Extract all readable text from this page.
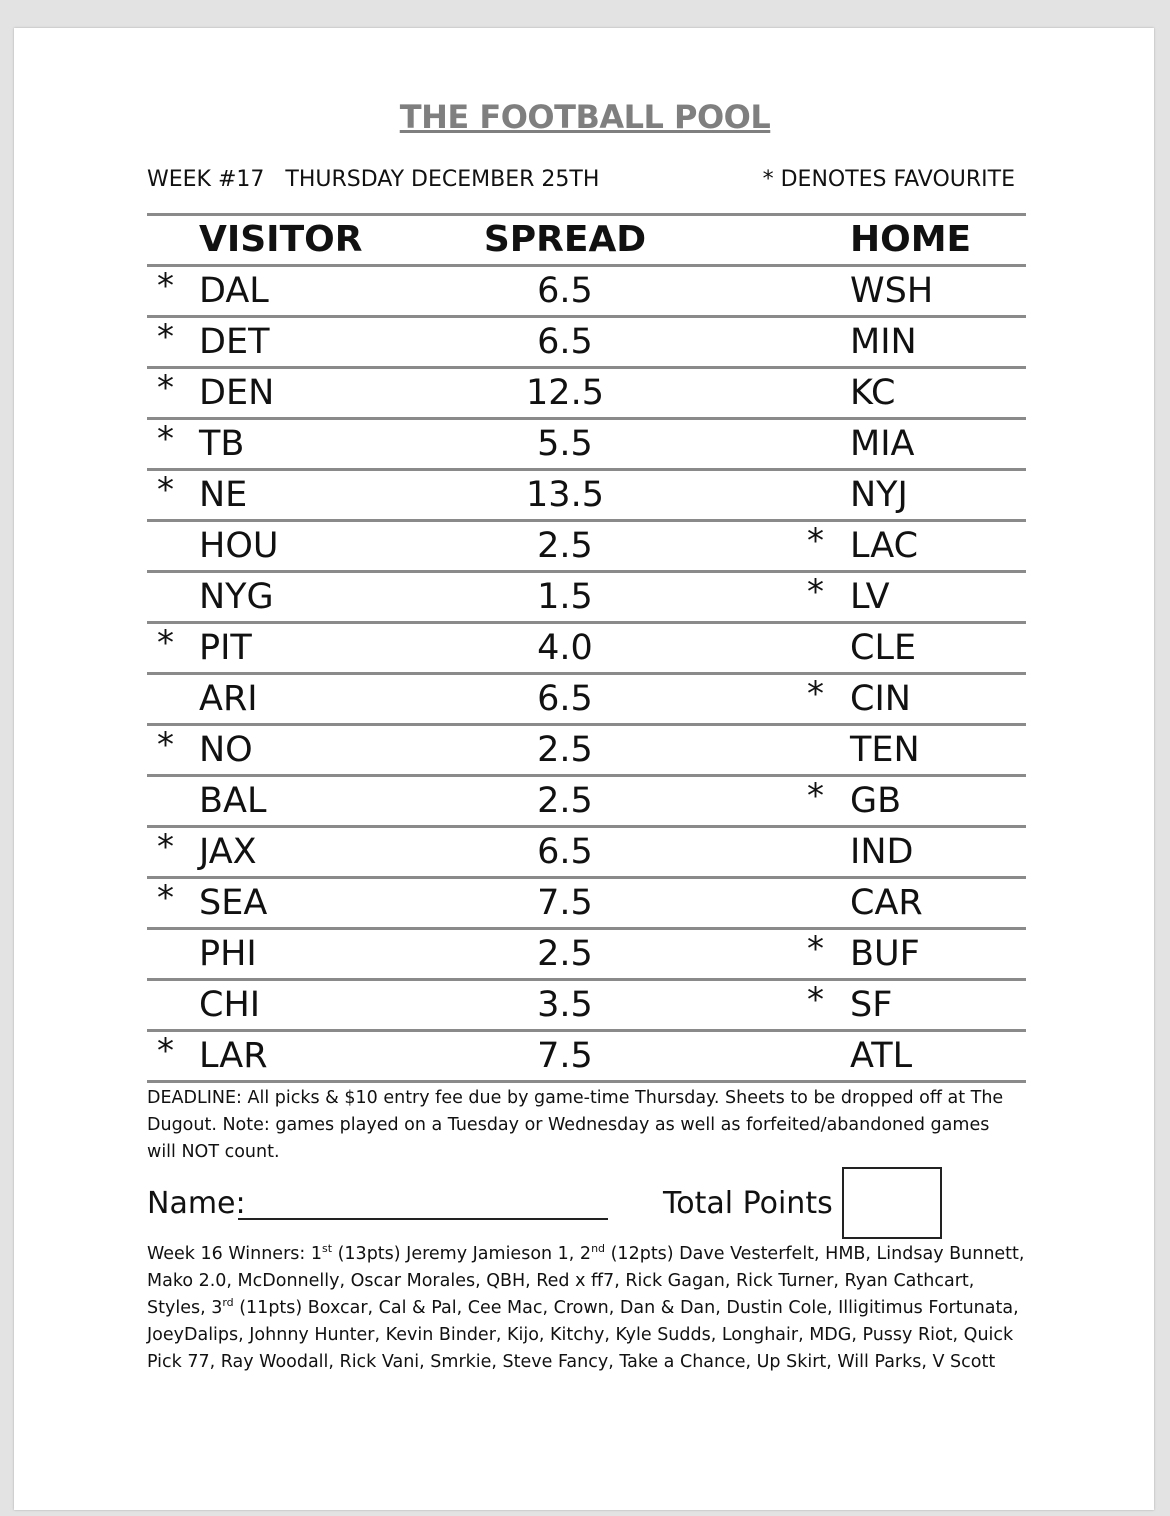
THE FOOTBALL POOL
WEEK #17   THURSDAY DECEMBER 25TH	* DENOTES FAVOURITE
VISITOR	SPREAD	HOME
* DAL	6.5	WSH
* DET	6.5	MIN
* DEN	12.5	KC
* TB	5.5	MIA
* NE	13.5	NYJ
HOU	2.5	* LAC
NYG	1.5	* LV
* PIT	4.0	CLE
ARI	6.5	* CIN
* NO	2.5	TEN
BAL	2.5	* GB
* JAX	6.5	IND
* SEA	7.5	CAR
PHI	2.5	* BUF
CHI	3.5	* SF
* LAR	7.5	ATL
DEADLINE: All picks & $10 entry fee due by game-time Thursday. Sheets to be dropped off at The Dugout. Note: games played on a Tuesday or Wednesday as well as forfeited/abandoned games will NOT count.
Name:	Total Points
Week 16 Winners: 1st (13pts) Jeremy Jamieson 1, 2nd (12pts) Dave Vesterfelt, HMB, Lindsay Bunnett, Mako 2.0, McDonnelly, Oscar Morales, QBH, Red x ff7, Rick Gagan, Rick Turner, Ryan Cathcart, Styles, 3rd (11pts) Boxcar, Cal & Pal, Cee Mac, Crown, Dan & Dan, Dustin Cole, Illigitimus Fortunata, JoeyDalips, Johnny Hunter, Kevin Binder, Kijo, Kitchy, Kyle Sudds, Longhair, MDG, Pussy Riot, Quick Pick 77, Ray Woodall, Rick Vani, Smrkie, Steve Fancy, Take a Chance, Up Skirt, Will Parks, V Scott
